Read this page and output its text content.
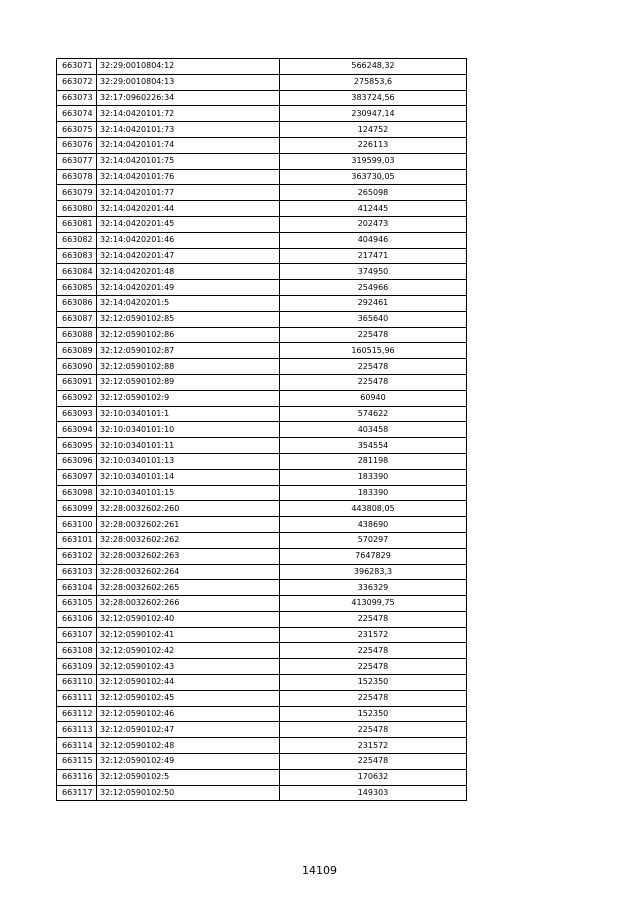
663071	32:29:0010804:12	566248,32
663072	32:29:0010804:13	275853,6
663073	32:17:0960226:34	383724,56
663074	32:14:0420101:72	230947,14
663075	32:14:0420101:73	124752
663076	32:14:0420101:74	226113
663077	32:14:0420101:75	319599,03
663078	32:14:0420101:76	363730,05
663079	32:14:0420101:77	265098
663080	32:14:0420201:44	412445
663081	32:14:0420201:45	202473
663082	32:14:0420201:46	404946
663083	32:14:0420201:47	217471
663084	32:14:0420201:48	374950
663085	32:14:0420201:49	254966
663086	32:14:0420201:5	292461
663087	32:12:0590102:85	365640
663088	32:12:0590102:86	225478
663089	32:12:0590102:87	160515,96
663090	32:12:0590102:88	225478
663091	32:12:0590102:89	225478
663092	32:12:0590102:9	60940
663093	32:10:0340101:1	574622
663094	32:10:0340101:10	403458
663095	32:10:0340101:11	354554
663096	32:10:0340101:13	281198
663097	32:10:0340101:14	183390
663098	32:10:0340101:15	183390
663099	32:28:0032602:260	443808,05
663100	32:28:0032602:261	438690
663101	32:28:0032602:262	570297
663102	32:28:0032602:263	7647829
663103	32:28:0032602:264	396283,3
663104	32:28:0032602:265	336329
663105	32:28:0032602:266	413099,75
663106	32:12:0590102:40	225478
663107	32:12:0590102:41	231572
663108	32:12:0590102:42	225478
663109	32:12:0590102:43	225478
663110	32:12:0590102:44	152350
663111	32:12:0590102:45	225478
663112	32:12:0590102:46	152350
663113	32:12:0590102:47	225478
663114	32:12:0590102:48	231572
663115	32:12:0590102:49	225478
663116	32:12:0590102:5	170632
663117	32:12:0590102:50	149303
14109
